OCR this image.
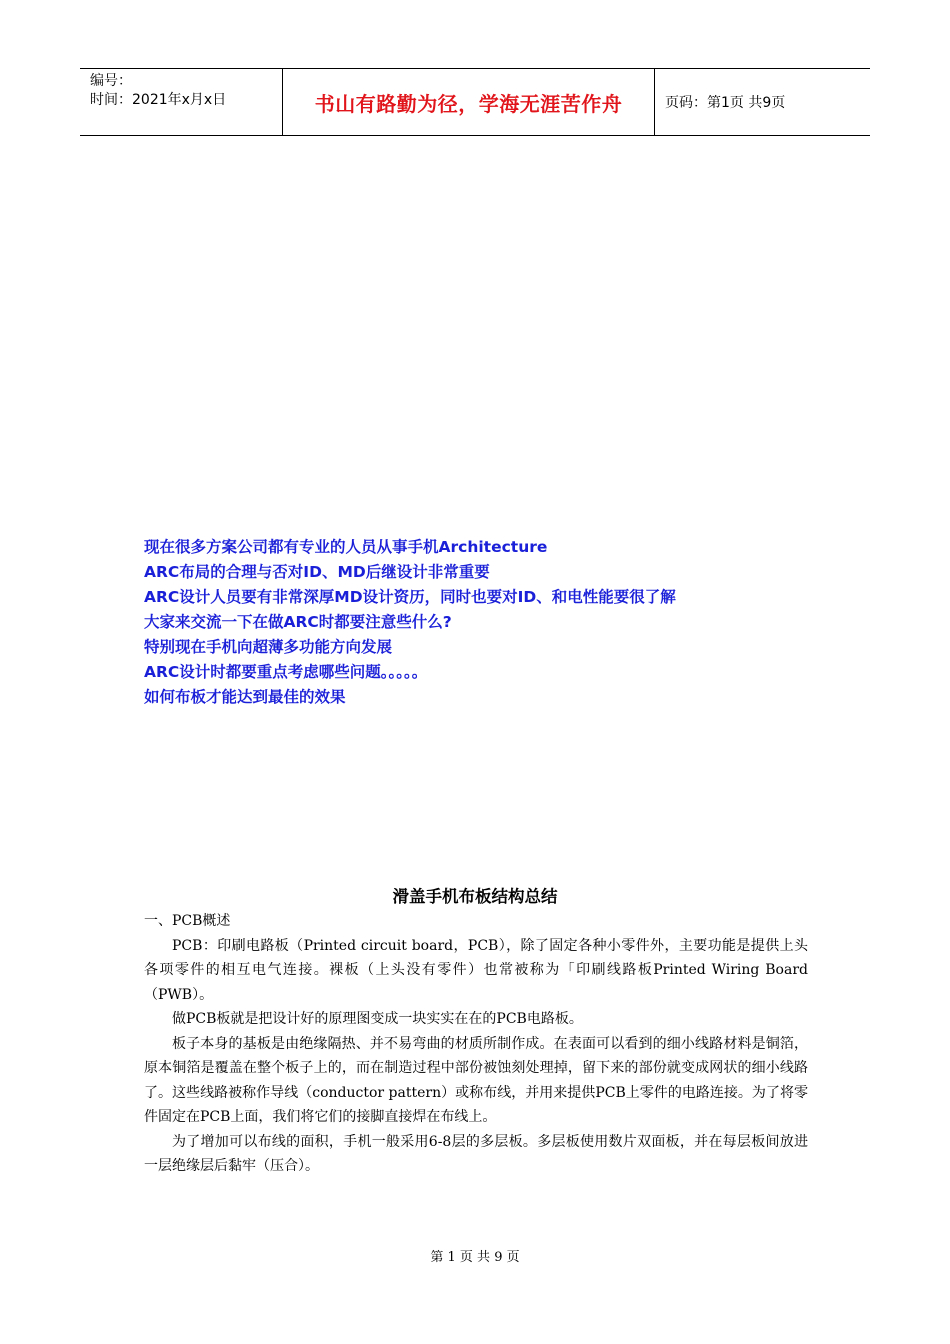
编号：
时间：2021年x月x日	书山有路勤为径，学海无涯苦作舟	页码：第1页 共9页
现在很多方案公司都有专业的人员从事手机Architecture
ARC布局的合理与否对ID、MD后继设计非常重要
ARC设计人员要有非常深厚MD设计资历，同时也要对ID、和电性能要很了解
大家来交流一下在做ARC时都要注意些什么?
特别现在手机向超薄多功能方向发展
ARC设计时都要重点考虑哪些问题。。。。。
如何布板才能达到最佳的效果
滑盖手机布板结构总结

一、PCB概述

PCB：印刷电路板（Printed circuit board，PCB），除了固定各种小零件外，主要功能是提供上头各项零件的相互电气连接。裸板（上头没有零件）也常被称为「印刷线路板Printed Wiring Board（PWB）。

做PCB板就是把设计好的原理图变成一块实实在在的PCB电路板。

板子本身的基板是由绝缘隔热、并不易弯曲的材质所制作成。在表面可以看到的细小线路材料是铜箔，原本铜箔是覆盖在整个板子上的，而在制造过程中部份被蚀刻处理掉，留下来的部份就变成网状的细小线路了。这些线路被称作导线（conductor pattern）或称布线，并用来提供PCB上零件的电路连接。为了将零件固定在PCB上面，我们将它们的接脚直接焊在布线上。

为了增加可以布线的面积，手机一般采用6-8层的多层板。多层板使用数片双面板，并在每层板间放进一层绝缘层后黏牢（压合）。

第 1 页 共 9 页
